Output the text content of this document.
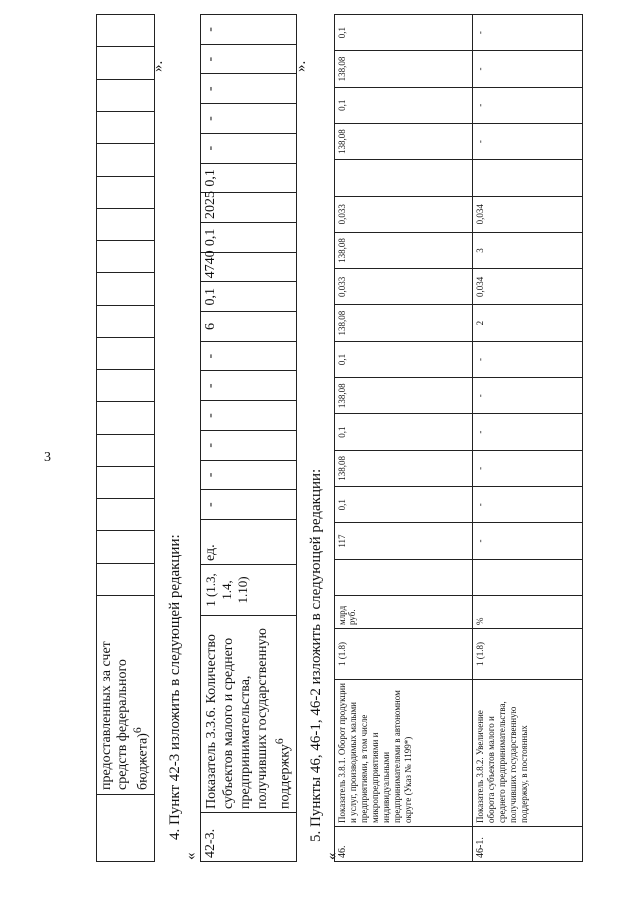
3
	предоставленных за счет средств федерального бюджета)$^6$																		
».
4. Пункт 42-3 изложить в следующей редакции:
« 42-3.	Показатель 3.3.6. Количество субъектов малого и среднего предпринимательства, получивших государственную поддержку$^6$	1 (1.3, 1.4, 1.10)	ед.	-	-	-	-	-	-	6	0,1	4740	0,1	2025	0,1	-	-	-	-	-
».
5. Пункты 46, 46-1, 46-2 изложить в следующей редакции:
«
46.	Показатель 3.8.1. Оборот продукции и услуг, производимых малыми предприятиями, в том числе микропредприятиями и индивидуальными предпринимателями в автономном округе (Указ № 1199*)	1 (1.8)	млрд руб.		117	0,1	138,08	0,1	138,08	0,1	138,08	0,033	138,08	0,033		138,08	0,1	138,08	0,1
46-1.	Показатель 3.8.2. Увеличение оборота субъектов малого и среднего предпринимательства, получивших государственную поддержку, в постоянных	1 (1.8)	%		-	-	-	-	-	-	2	0,034	3	0,034		-	-	-	-
